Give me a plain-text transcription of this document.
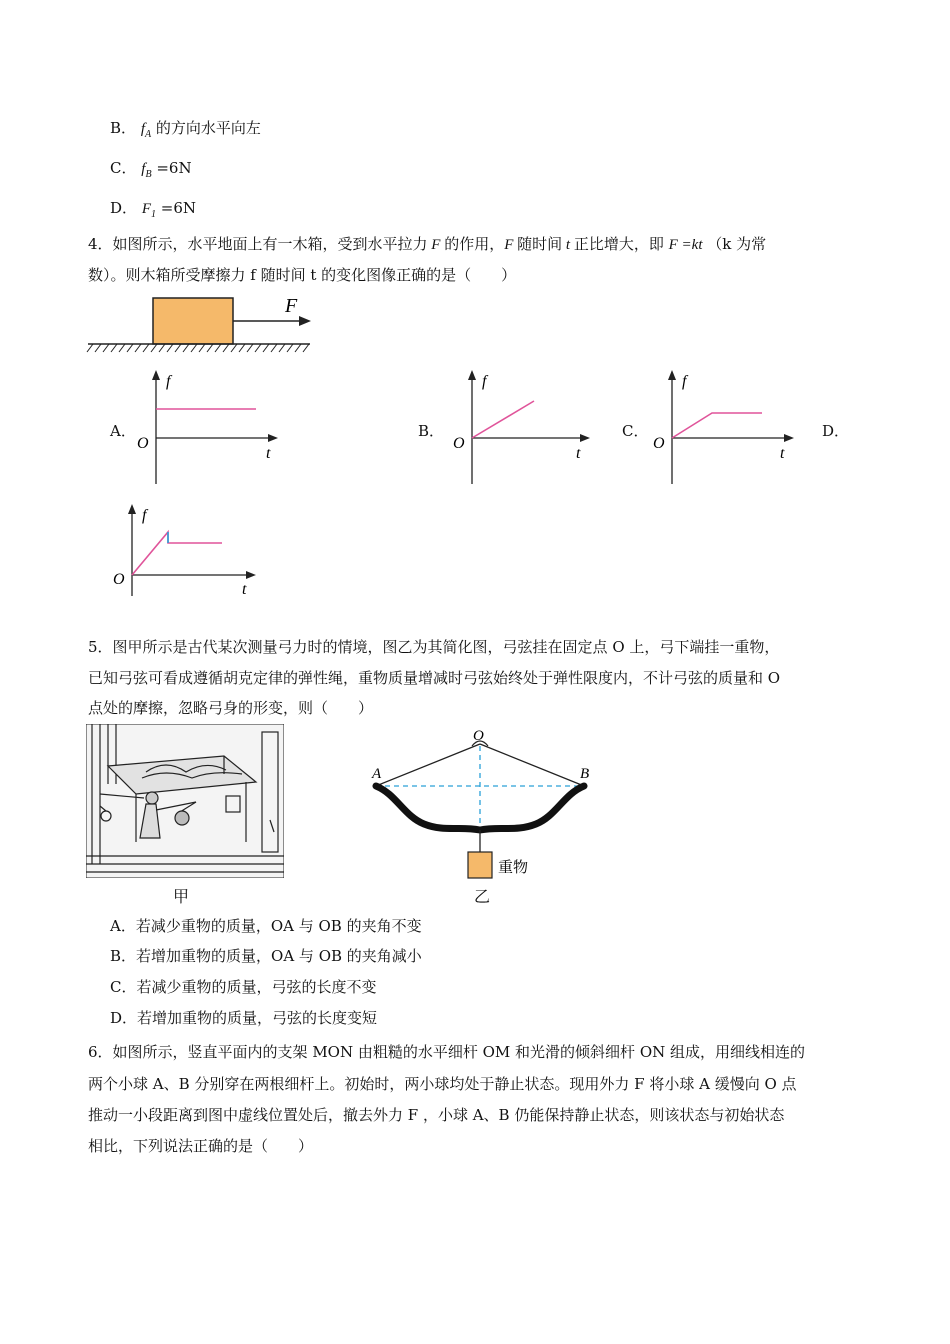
B． $f_A$ 的方向水平向左
C． $f_B =6N$
D． $F_1 =6N$
4．如图所示，水平地面上有一木箱，受到水平拉力 F 的作用，F 随时间 t 正比增大，即 F =kt （k 为常
数）。则木箱所受摩擦力 f 随时间 t 的变化图像正确的是（　　）
F
A．	B．	C．	D．
f
t
O
f
t
O
f
t
O
f
t
O
5．图甲所示是古代某次测量弓力时的情境，图乙为其简化图，弓弦挂在固定点 O 上，弓下端挂一重物，
已知弓弦可看成遵循胡克定律的弹性绳，重物质量增减时弓弦始终处于弹性限度内，不计弓弦的质量和 O
点处的摩擦，忽略弓身的形变，则（　　）
甲
O
A	B
重物
乙
A．若减少重物的质量，OA 与 OB 的夹角不变
B．若增加重物的质量，OA 与 OB 的夹角减小
C．若减少重物的质量，弓弦的长度不变
D．若增加重物的质量，弓弦的长度变短
6．如图所示，竖直平面内的支架 MON 由粗糙的水平细杆 OM 和光滑的倾斜细杆 ON 组成，用细线相连的
两个小球 A、B 分别穿在两根细杆上。初始时，两小球均处于静止状态。现用外力 F 将小球 A 缓慢向 O 点
推动一小段距离到图中虚线位置处后，撤去外力 F ，小球 A、B 仍能保持静止状态，则该状态与初始状态
相比，下列说法正确的是（　　）
